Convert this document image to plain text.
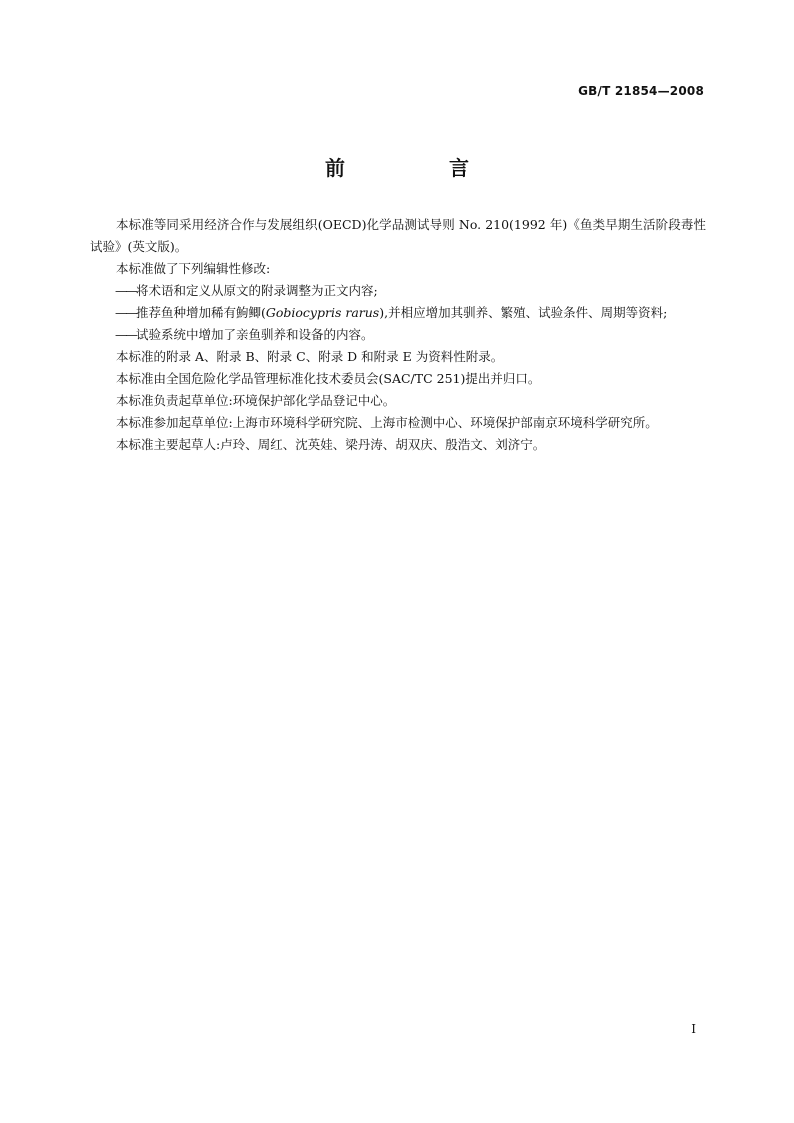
GB/T 21854—2008
前　言

本标准等同采用经济合作与发展组织(OECD)化学品测试导则 No. 210(1992 年)《鱼类早期生活阶段毒性试验》(英文版)。

本标准做了下列编辑性修改:

——将术语和定义从原文的附录调整为正文内容;

——推荐鱼种增加稀有鮈鲫(Gobiocypris rarus),并相应增加其驯养、繁殖、试验条件、周期等资料;

——试验系统中增加了亲鱼驯养和设备的内容。

本标准的附录 A、附录 B、附录 C、附录 D 和附录 E 为资料性附录。

本标准由全国危险化学品管理标准化技术委员会(SAC/TC 251)提出并归口。

本标准负责起草单位:环境保护部化学品登记中心。

本标准参加起草单位:上海市环境科学研究院、上海市检测中心、环境保护部南京环境科学研究所。

本标准主要起草人:卢玲、周红、沈英娃、梁丹涛、胡双庆、殷浩文、刘济宁。

I
